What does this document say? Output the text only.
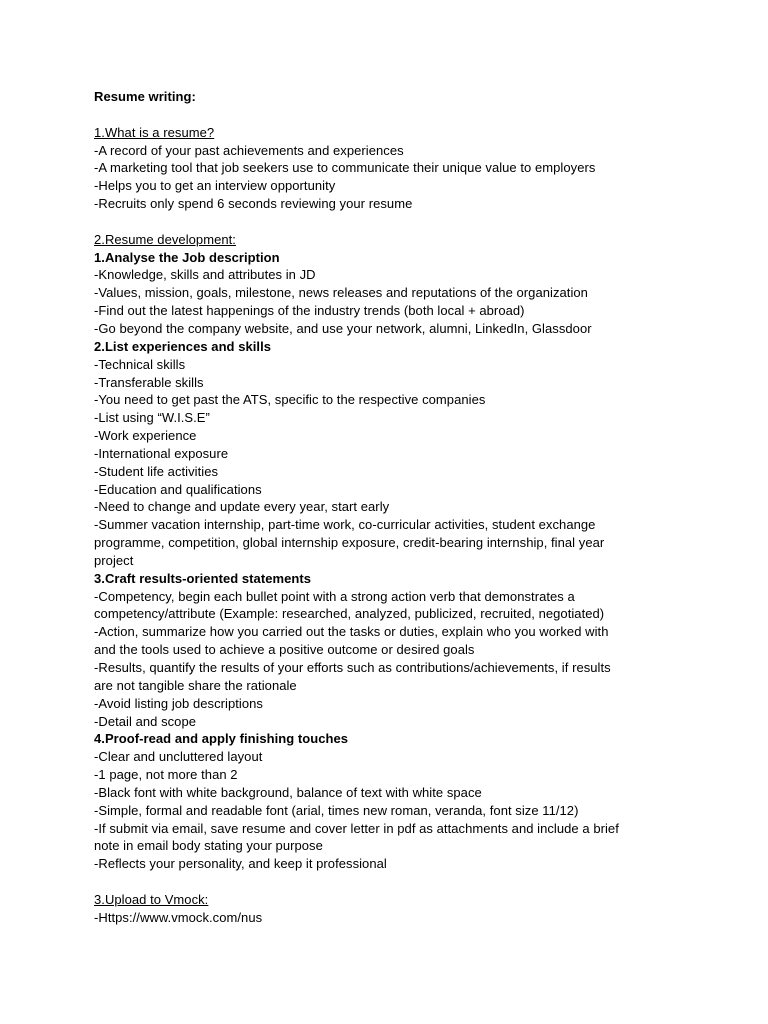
Resume writing:
1.What is a resume?
-A record of your past achievements and experiences
-A marketing tool that job seekers use to communicate their unique value to employers
-Helps you to get an interview opportunity
-Recruits only spend 6 seconds reviewing your resume
2.Resume development:
1.Analyse the Job description
-Knowledge, skills and attributes in JD
-Values, mission, goals, milestone, news releases and reputations of the organization
-Find out the latest happenings of the industry trends (both local + abroad)
-Go beyond the company website, and use your network, alumni, LinkedIn, Glassdoor
2.List experiences and skills
-Technical skills
-Transferable skills
-You need to get past the ATS, specific to the respective companies
-List using “W.I.S.E”
-Work experience
-International exposure
-Student life activities
-Education and qualifications
-Need to change and update every year, start early
-Summer vacation internship, part-time work, co-curricular activities, student exchange
programme, competition, global internship exposure, credit-bearing internship, final year
project
3.Craft results-oriented statements
-Competency, begin each bullet point with a strong action verb that demonstrates a
competency/attribute (Example: researched, analyzed, publicized, recruited, negotiated)
-Action, summarize how you carried out the tasks or duties, explain who you worked with
and the tools used to achieve a positive outcome or desired goals
-Results, quantify the results of your efforts such as contributions/achievements, if results
are not tangible share the rationale
-Avoid listing job descriptions
-Detail and scope
4.Proof-read and apply finishing touches
-Clear and uncluttered layout
-1 page, not more than 2
-Black font with white background, balance of text with white space
-Simple, formal and readable font (arial, times new roman, veranda, font size 11/12)
-If submit via email, save resume and cover letter in pdf as attachments and include a brief
note in email body stating your purpose
-Reflects your personality, and keep it professional
3.Upload to Vmock:
-Https://www.vmock.com/nus
